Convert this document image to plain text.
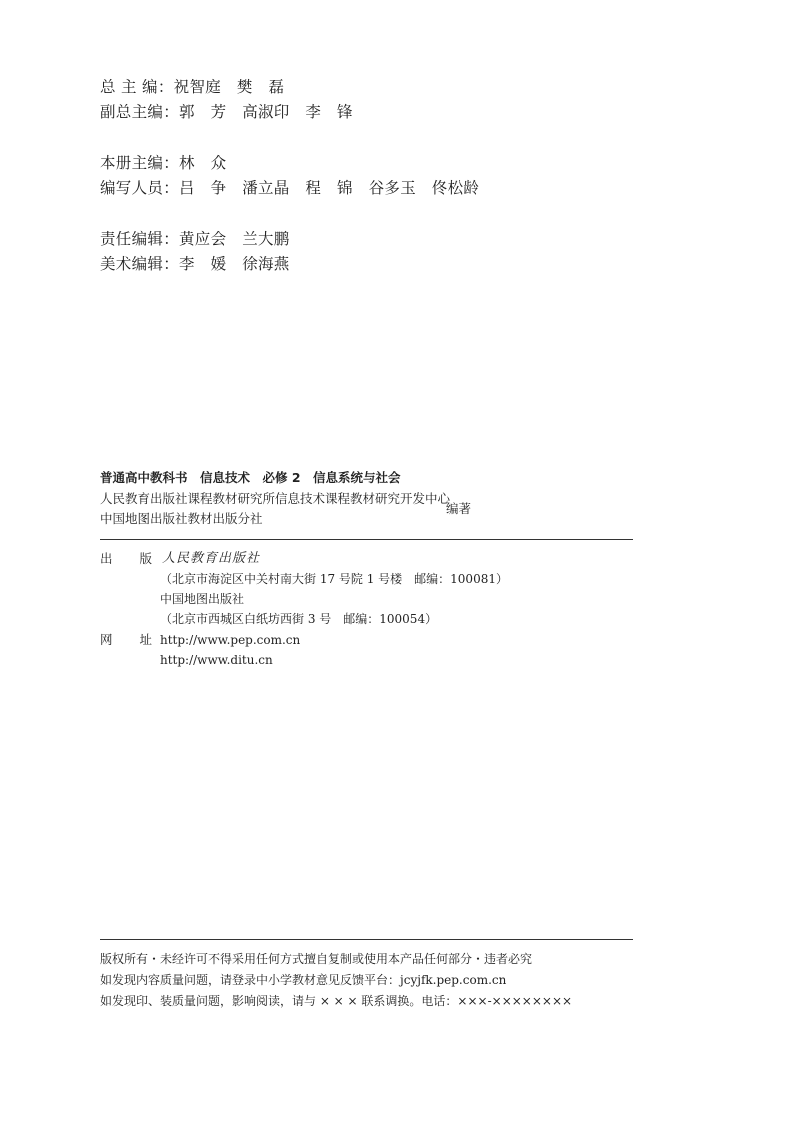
总 主 编：祝智庭　樊　磊
副总主编：郭　芳　高淑印　李　锋
本册主编：林　众
编写人员：吕　争　潘立晶　程　锦　谷多玉　佟松龄
责任编辑：黄应会　兰大鹏
美术编辑：李　媛　徐海燕
普通高中教科书　信息技术　必修 2　信息系统与社会
人民教育出版社课程教材研究所信息技术课程教材研究开发中心
中国地图出版社教材出版分社
编著
出 版 人民教育出版社
（北京市海淀区中关村南大街 17 号院 1 号楼　邮编：100081）
中国地图出版社
（北京市西城区白纸坊西街 3 号　邮编：100054）
网 址 http://www.pep.com.cn
http://www.ditu.cn
版权所有・未经许可不得采用任何方式擅自复制或使用本产品任何部分・违者必究
如发现内容质量问题，请登录中小学教材意见反馈平台：jcyjfk.pep.com.cn
如发现印、装质量问题，影响阅读，请与 × × × 联系调换。电话：×××-××××××××
